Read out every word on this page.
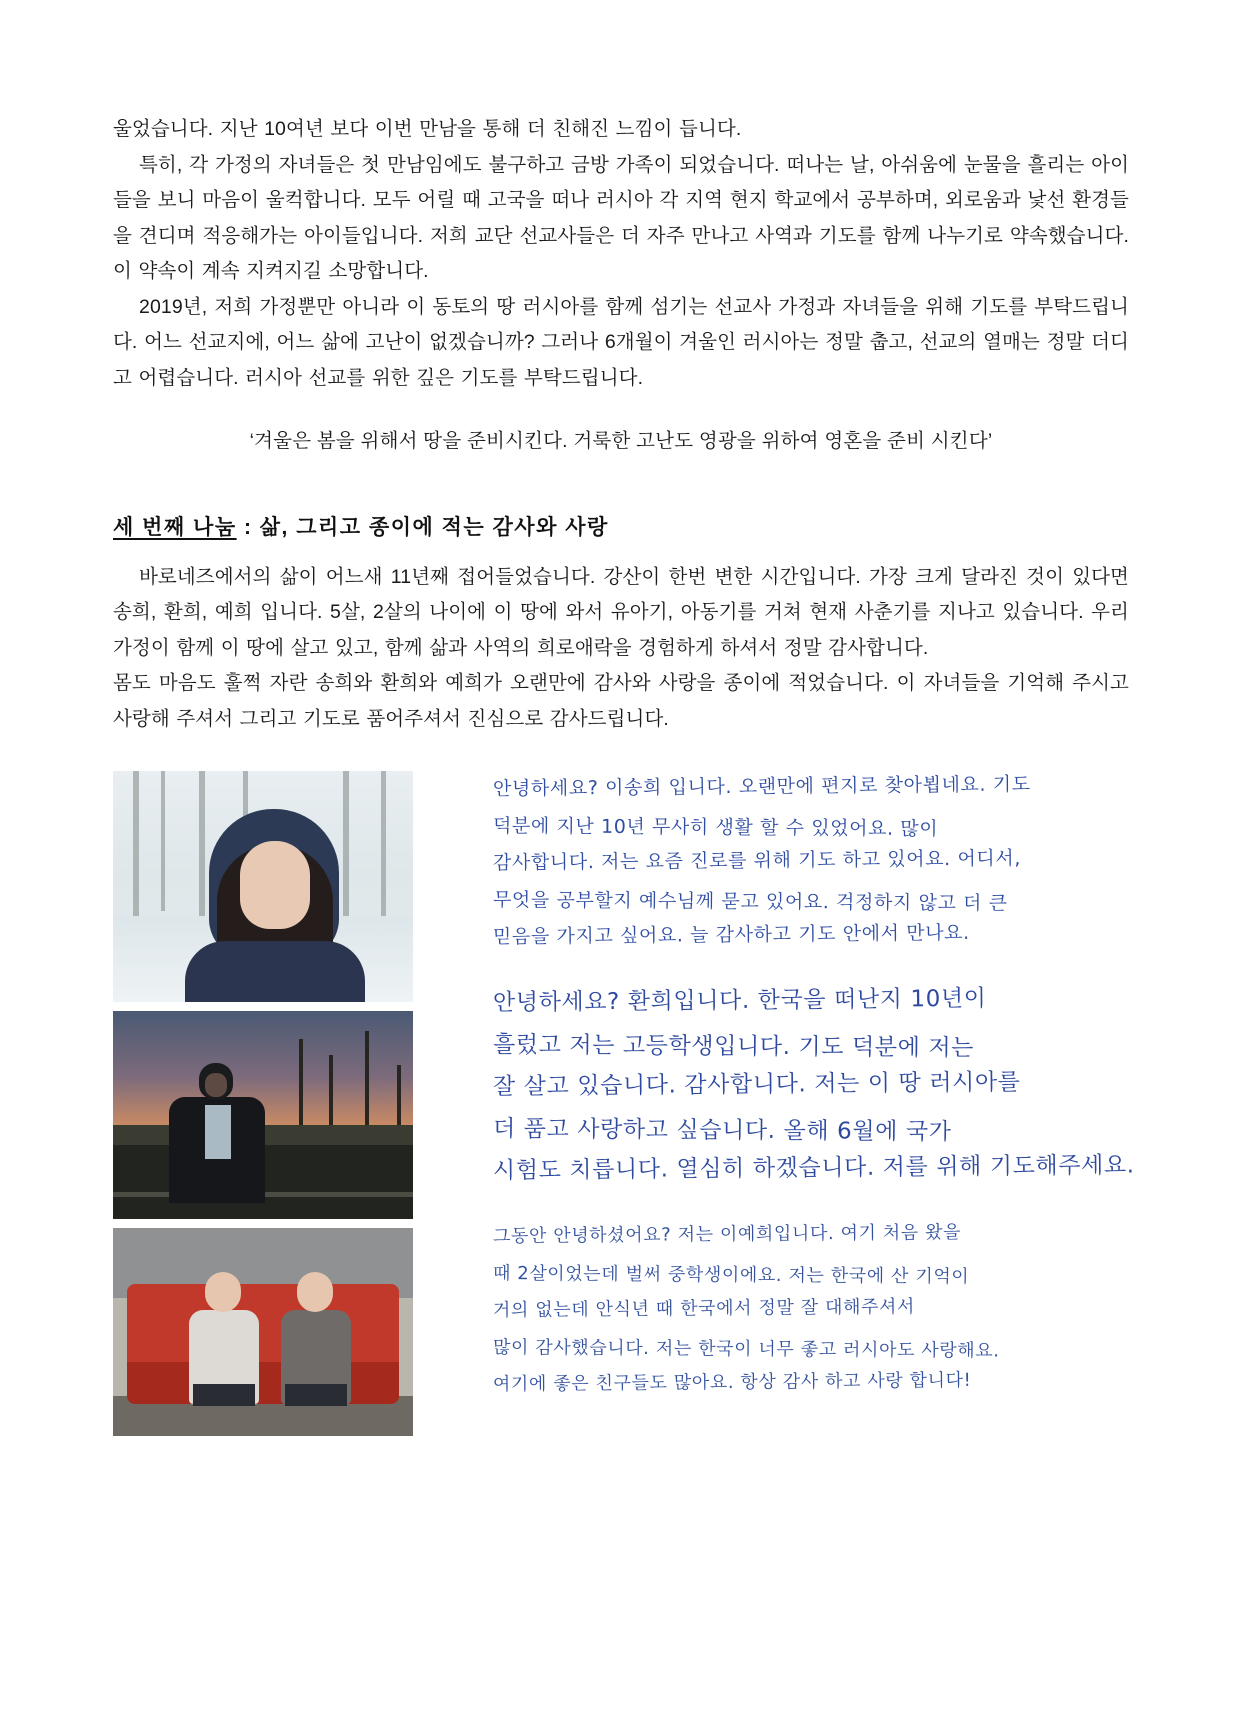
울었습니다. 지난 10여년 보다 이번 만남을 통해 더 친해진 느낌이 듭니다.

특히, 각 가정의 자녀들은 첫 만남임에도 불구하고 금방 가족이 되었습니다. 떠나는 날, 아쉬움에 눈물을 흘리는 아이들을 보니 마음이 울컥합니다. 모두 어릴 때 고국을 떠나 러시아 각 지역 현지 학교에서 공부하며, 외로움과 낯선 환경들을 견디며 적응해가는 아이들입니다. 저희 교단 선교사들은 더 자주 만나고 사역과 기도를 함께 나누기로 약속했습니다. 이 약속이 계속 지켜지길 소망합니다.

2019년, 저희 가정뿐만 아니라 이 동토의 땅 러시아를 함께 섬기는 선교사 가정과 자녀들을 위해 기도를 부탁드립니다. 어느 선교지에, 어느 삶에 고난이 없겠습니까? 그러나 6개월이 겨울인 러시아는 정말 춥고, 선교의 열매는 정말 더디고 어렵습니다. 러시아 선교를 위한 깊은 기도를 부탁드립니다.

‘겨울은 봄을 위해서 땅을 준비시킨다. 거룩한 고난도 영광을 위하여 영혼을 준비 시킨다’

세 번째 나눔 : 삶, 그리고 종이에 적는 감사와 사랑

바로네즈에서의 삶이 어느새 11년째 접어들었습니다. 강산이 한번 변한 시간입니다. 가장 크게 달라진 것이 있다면 송희, 환희, 예희 입니다. 5살, 2살의 나이에 이 땅에 와서 유아기, 아동기를 거쳐 현재 사춘기를 지나고 있습니다. 우리 가정이 함께 이 땅에 살고 있고, 함께 삶과 사역의 희로애락을 경험하게 하셔서 정말 감사합니다.

몸도 마음도 훌쩍 자란 송희와 환희와 예희가 오랜만에 감사와 사랑을 종이에 적었습니다. 이 자녀들을 기억해 주시고 사랑해 주셔서 그리고 기도로 품어주셔서 진심으로 감사드립니다.

안녕하세요? 이송희 입니다. 오랜만에 편지로 찾아뵙네요. 기도
덕분에 지난 10년 무사히 생활 할 수 있었어요. 많이
감사합니다. 저는 요즘 진로를 위해 기도 하고 있어요. 어디서,
무엇을 공부할지 예수님께 묻고 있어요. 걱정하지 않고 더 큰
믿음을 가지고 싶어요. 늘 감사하고 기도 안에서 만나요.
안녕하세요? 환희입니다. 한국을 떠난지 10년이
흘렀고 저는 고등학생입니다. 기도 덕분에 저는
잘 살고 있습니다. 감사합니다. 저는 이 땅 러시아를
더 품고 사랑하고 싶습니다. 올해 6월에 국가
시험도 치릅니다. 열심히 하겠습니다. 저를 위해 기도해주세요.
그동안 안녕하셨어요? 저는 이예희입니다. 여기 처음 왔을
때 2살이었는데 벌써 중학생이에요. 저는 한국에 산 기억이
거의 없는데 안식년 때 한국에서 정말 잘 대해주셔서
많이 감사했습니다. 저는 한국이 너무 좋고 러시아도 사랑해요.
여기에 좋은 친구들도 많아요. 항상 감사 하고 사랑 합니다!
